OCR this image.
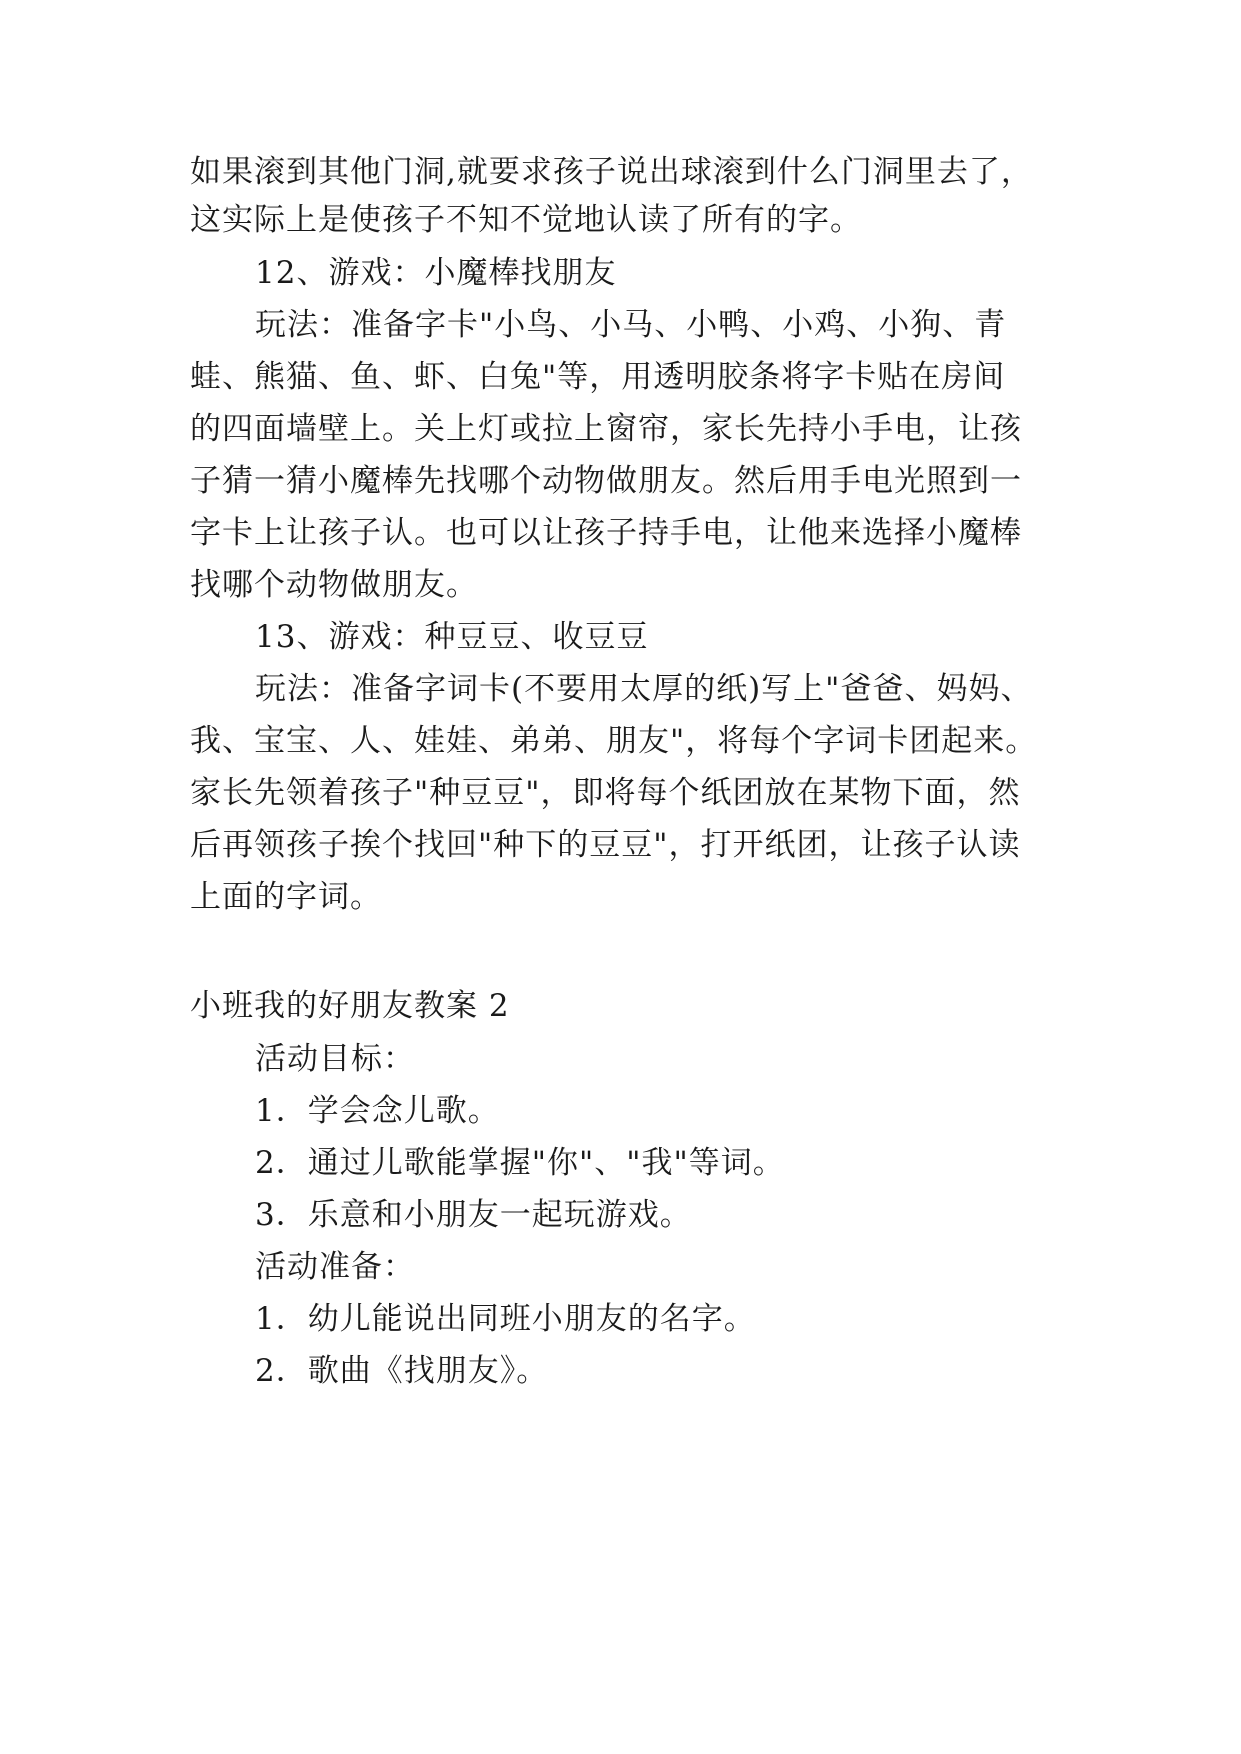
如果滚到其他门洞,就要求孩子说出球滚到什么门洞里去了，
这实际上是使孩子不知不觉地认读了所有的字。
12、游戏：小魔棒找朋友
玩法：准备字卡"小鸟、小马、小鸭、小鸡、小狗、青
蛙、熊猫、鱼、虾、白兔"等，用透明胶条将字卡贴在房间
的四面墙壁上。关上灯或拉上窗帘，家长先持小手电，让孩
子猜一猜小魔棒先找哪个动物做朋友。然后用手电光照到一
字卡上让孩子认。也可以让孩子持手电，让他来选择小魔棒
找哪个动物做朋友。
13、游戏：种豆豆、收豆豆
玩法：准备字词卡(不要用太厚的纸)写上"爸爸、妈妈、
我、宝宝、人、娃娃、弟弟、朋友"，将每个字词卡团起来。
家长先领着孩子"种豆豆"，即将每个纸团放在某物下面，然
后再领孩子挨个找回"种下的豆豆"，打开纸团，让孩子认读
上面的字词。
小班我的好朋友教案 2
活动目标：
1．学会念儿歌。
2．通过儿歌能掌握"你"、"我"等词。
3．乐意和小朋友一起玩游戏。
活动准备：
1．幼儿能说出同班小朋友的名字。
2．歌曲《找朋友》。
